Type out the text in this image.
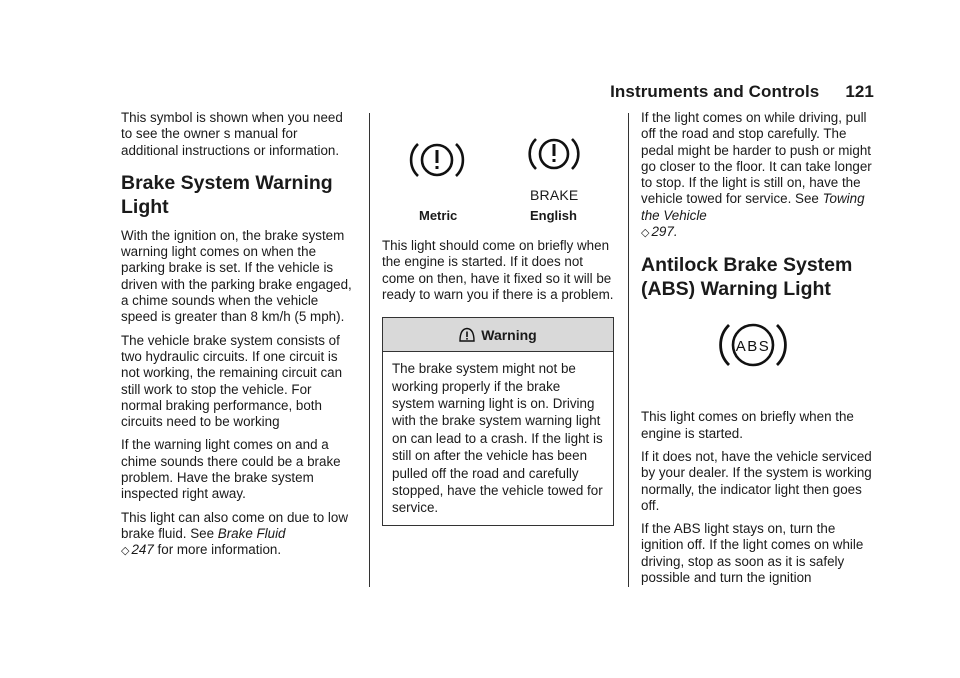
Instruments and Controls 121

This symbol is shown when you need to see the owner s manual for additional instructions or information.

Brake System Warning Light

With the ignition on, the brake system warning light comes on when the parking brake is set. If the vehicle is driven with the parking brake engaged, a chime sounds when the vehicle speed is greater than 8 km/h (5 mph).

The vehicle brake system consists of two hydraulic circuits. If one circuit is not working, the remaining circuit can still work to stop the vehicle. For normal braking performance, both circuits need to be working

If the warning light comes on and a chime sounds there could be a brake problem. Have the brake system inspected right away.

This light can also come on due to low brake fluid. See Brake Fluid
◇ 247 for more information.

BRAKE
Metric	English

This light should come on briefly when the engine is started. If it does not come on then, have it fixed so it will be ready to warn you if there is a problem.

Warning
The brake system might not be working properly if the brake system warning light is on. Driving with the brake system warning light on can lead to a crash. If the light is still on after the vehicle has been pulled off the road and carefully stopped, have the vehicle towed for service.

If the light comes on while driving, pull off the road and stop carefully. The pedal might be harder to push or might go closer to the floor. It can take longer to stop. If the light is still on, have the vehicle towed for service. See Towing the Vehicle
◇ 297.

Antilock Brake System (ABS) Warning Light
ABS

This light comes on briefly when the engine is started.

If it does not, have the vehicle serviced by your dealer. If the system is working normally, the indicator light then goes off.

If the ABS light stays on, turn the ignition off. If the light comes on while driving, stop as soon as it is safely possible and turn the ignition
